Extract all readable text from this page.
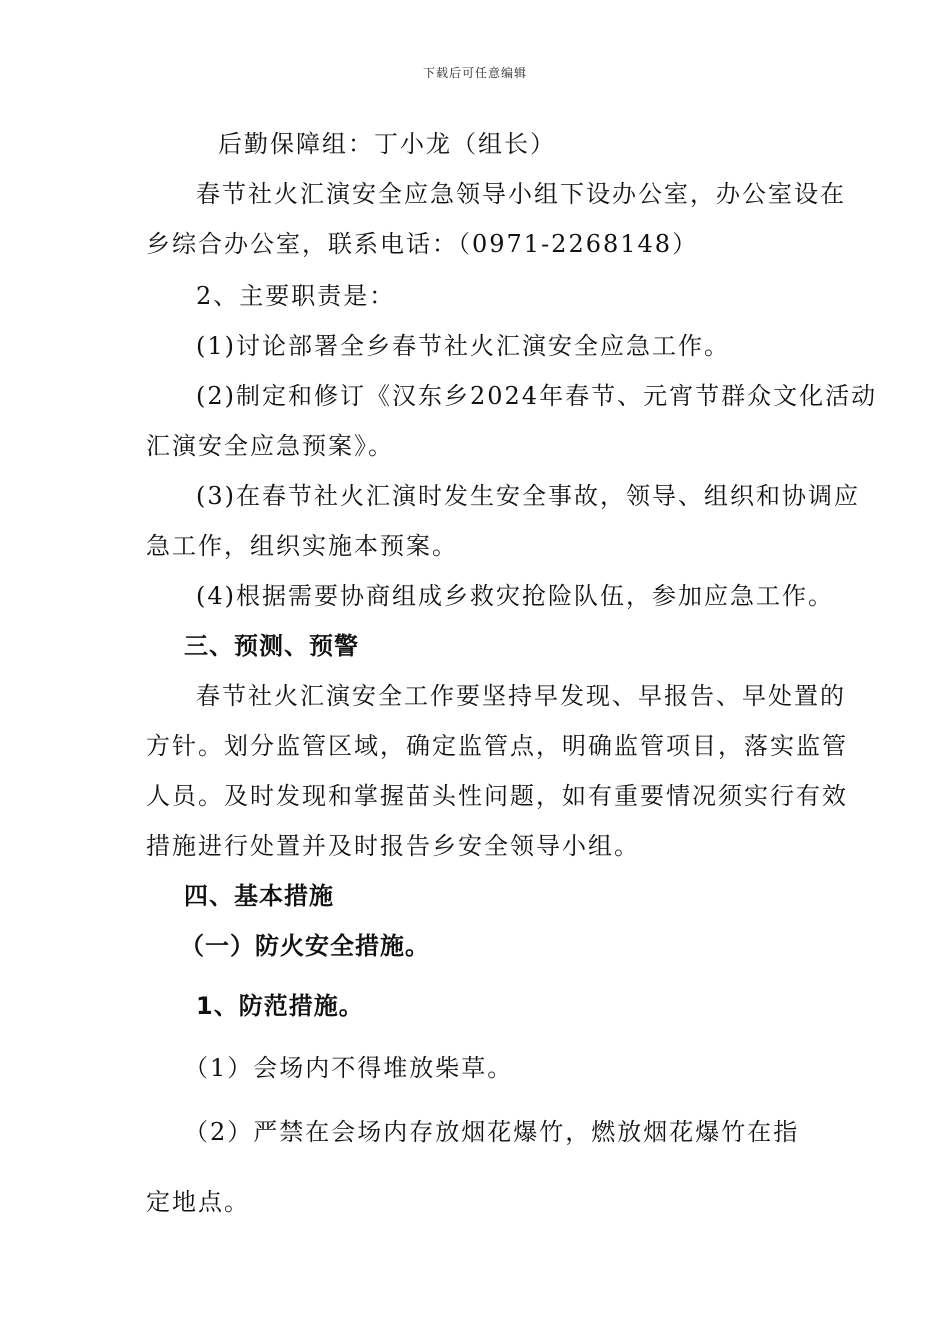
下载后可任意编辑
后勤保障组：丁小龙（组长）
春节社火汇演安全应急领导小组下设办公室，办公室设在
乡综合办公室，联系电话：（0971-2268148）
2、主要职责是：
(1)讨论部署全乡春节社火汇演安全应急工作。
(2)制定和修订《汉东乡2024年春节、元宵节群众文化活动
汇演安全应急预案》。
(3)在春节社火汇演时发生安全事故，领导、组织和协调应
急工作，组织实施本预案。
(4)根据需要协商组成乡救灾抢险队伍，参加应急工作。
三、预测、预警
春节社火汇演安全工作要坚持早发现、早报告、早处置的
方针。划分监管区域，确定监管点，明确监管项目，落实监管
人员。及时发现和掌握苗头性问题，如有重要情况须实行有效
措施进行处置并及时报告乡安全领导小组。
四、基本措施
（一）防火安全措施。
1、防范措施。
（1）会场内不得堆放柴草。
（2）严禁在会场内存放烟花爆竹，燃放烟花爆竹在指
定地点。
